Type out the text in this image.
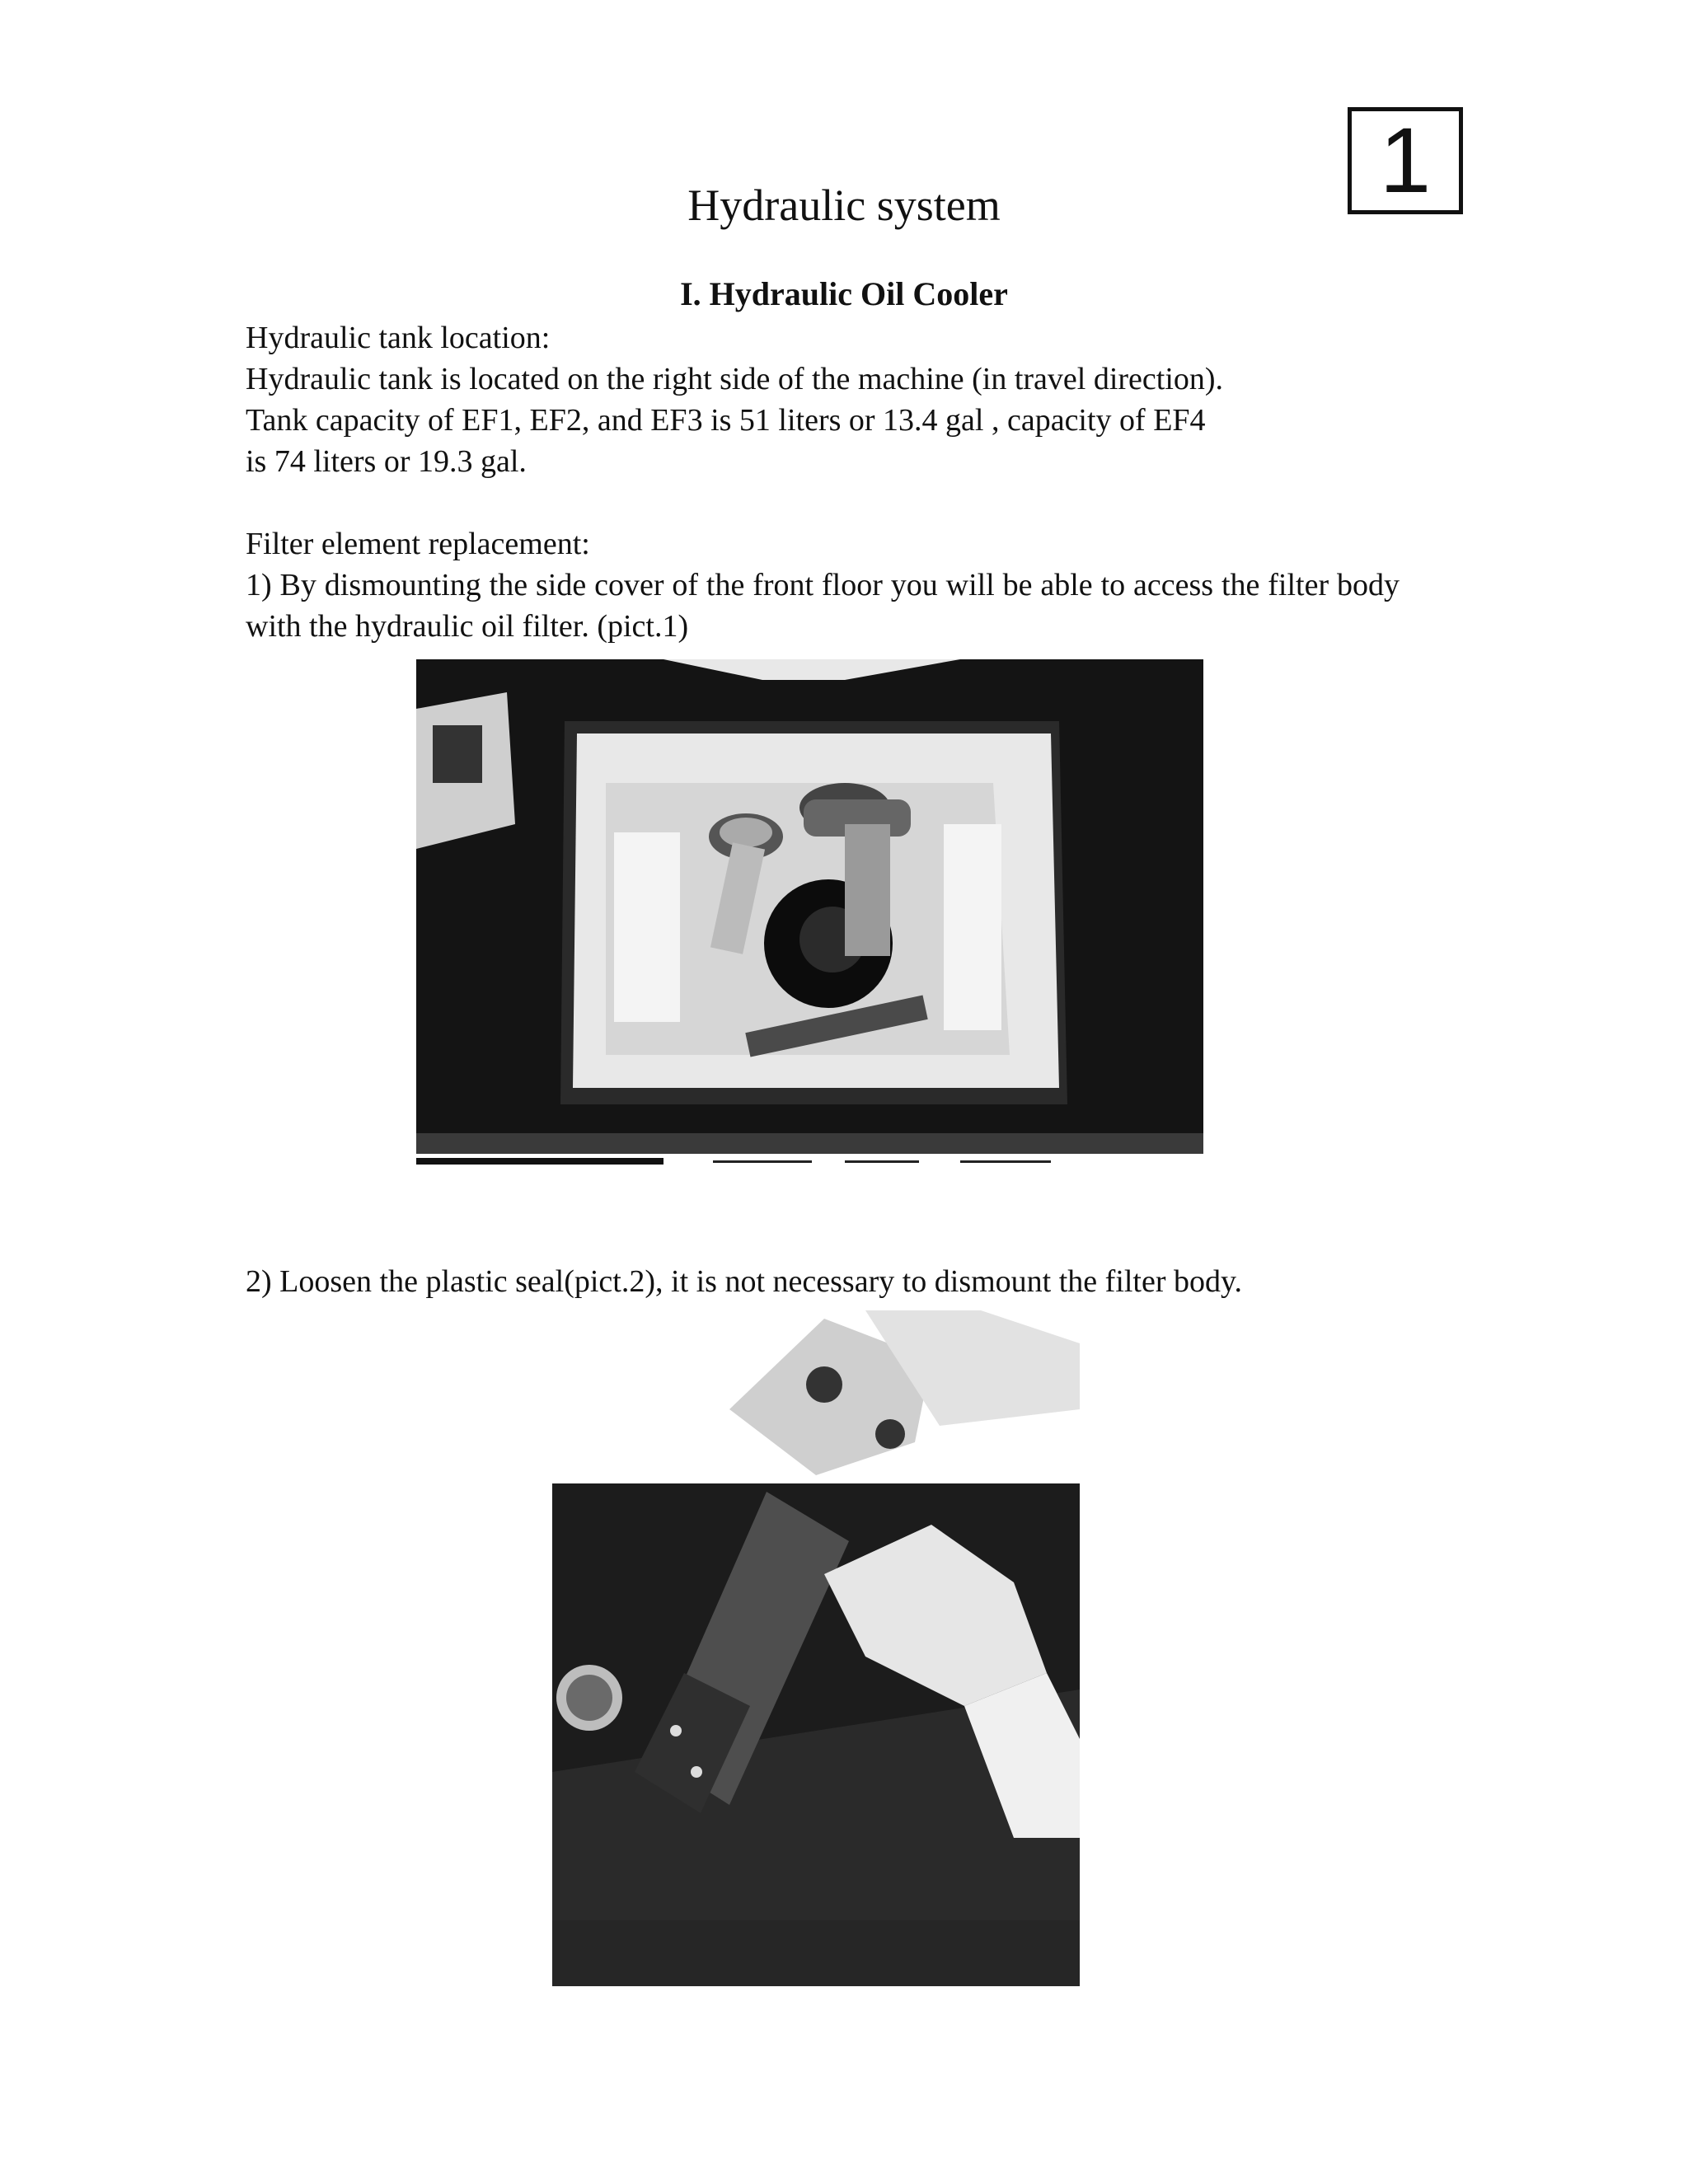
1
Hydraulic system
I. Hydraulic Oil Cooler
Hydraulic tank location:
Hydraulic tank is located on the right side of the machine (in travel direction).
Tank capacity of EF1, EF2, and EF3 is 51 liters or 13.4 gal , capacity of EF4
is 74 liters or 19.3 gal.
Filter element replacement:
1) By dismounting the side cover of the front floor you will be able to access the filter body with the hydraulic oil filter. (pict.1)
2) Loosen the plastic seal(pict.2), it is not necessary to dismount the filter body.
